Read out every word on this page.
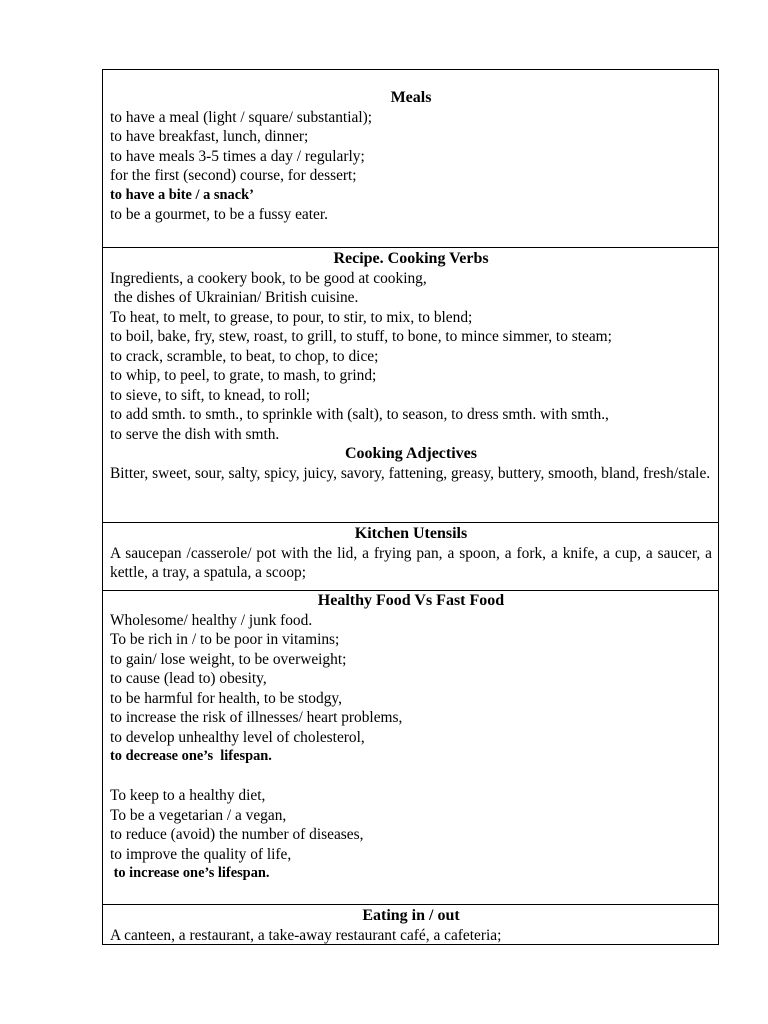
Meals

to have a meal (light / square/ substantial);

to have breakfast, lunch, dinner;

to have meals 3-5 times a day / regularly;

for the first (second) course, for dessert;

to have a bite / a snack’

to be a gourmet, to be a fussy eater.

Recipe. Cooking Verbs

Ingredients, a cookery book, to be good at cooking,

the dishes of Ukrainian/ British cuisine.

To heat, to melt, to grease, to pour, to stir, to mix, to blend;

to boil, bake, fry, stew, roast, to grill, to stuff, to bone, to mince simmer, to steam;

to crack, scramble, to beat, to chop, to dice;

to whip, to peel, to grate, to mash, to grind;

to sieve, to sift, to knead, to roll;

to add smth. to smth., to sprinkle with (salt), to season, to dress smth. with smth.,

to serve the dish with smth.

Cooking Adjectives

Bitter, sweet, sour, salty, spicy, juicy, savory, fattening, greasy, buttery, smooth, bland, fresh/stale.

Kitchen Utensils

A saucepan /casserole/ pot with the lid, a frying pan, a spoon, a fork, a knife, a cup, a saucer, a kettle, a tray, a spatula, a scoop;

Healthy Food Vs Fast Food

Wholesome/ healthy / junk food.

To be rich in / to be poor in vitamins;

to gain/ lose weight, to be overweight;

to cause (lead to) obesity,

to be harmful for health, to be stodgy,

to increase the risk of illnesses/ heart problems,

to develop unhealthy level of cholesterol,

to decrease one’s  lifespan.

To keep to a healthy diet,

To be a vegetarian / a vegan,

to reduce (avoid) the number of diseases,

to improve the quality of life,

to increase one’s lifespan.

Eating in / out

A canteen, a restaurant, a take-away restaurant café, a cafeteria;
